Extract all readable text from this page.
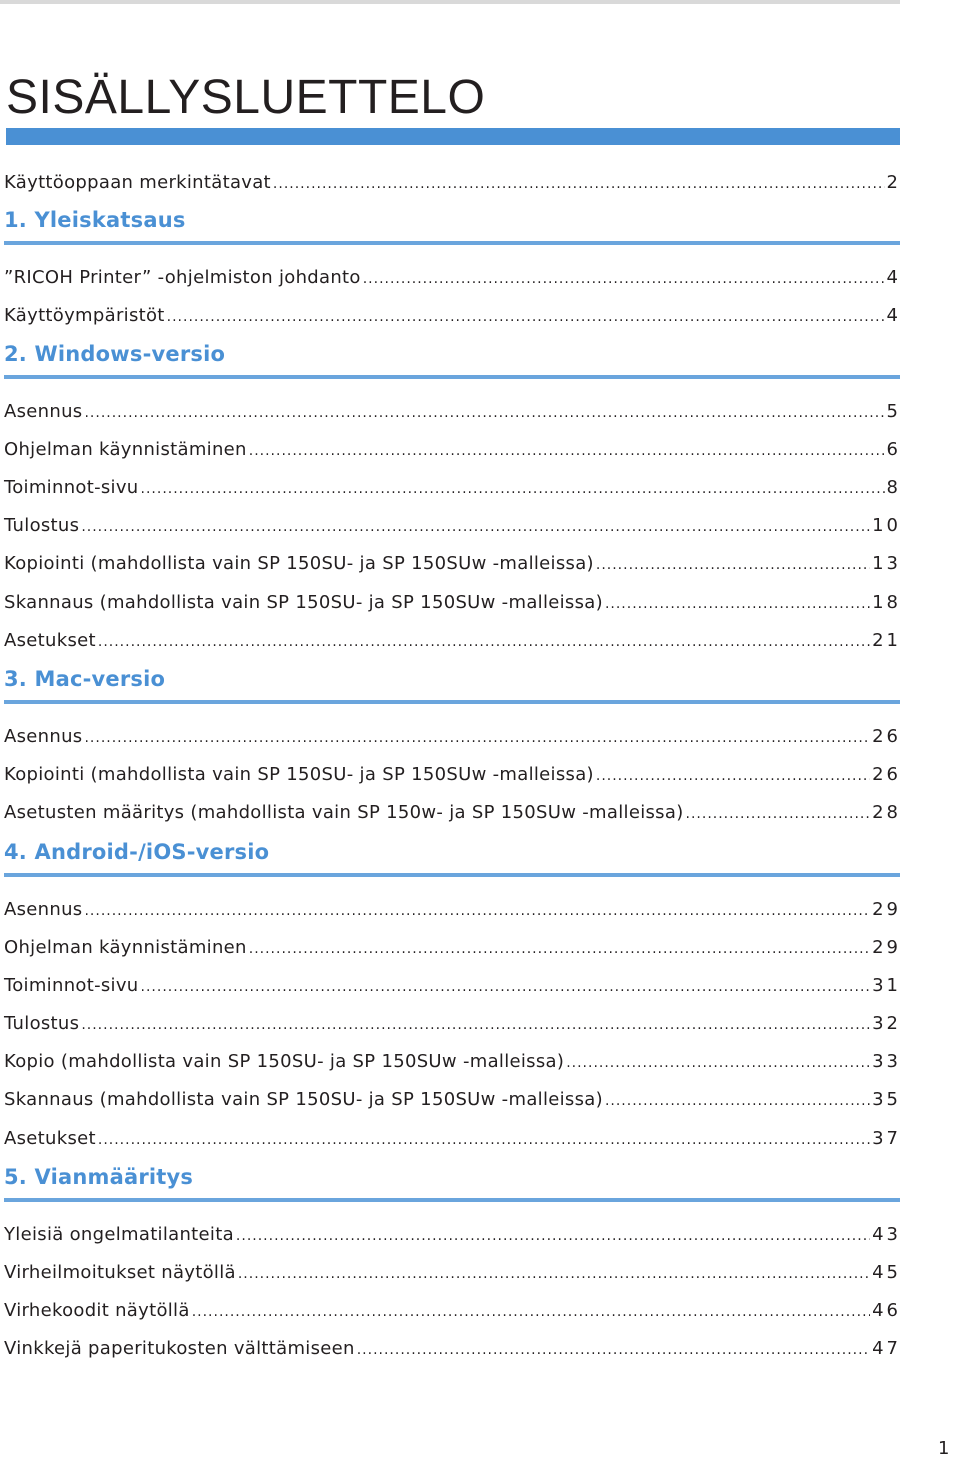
SISÄLLYSLUETTELO
Käyttöoppaan merkintätavat .....	2
1. Yleiskatsaus
”RICOH Printer” -ohjelmiston johdanto .....	4
Käyttöympäristöt .....	4
2. Windows-versio
Asennus .....	5
Ohjelman käynnistäminen .....	6
Toiminnot-sivu .....	8
Tulostus .....	10
Kopiointi (mahdollista vain SP 150SU- ja SP 150SUw -malleissa) .....	13
Skannaus (mahdollista vain SP 150SU- ja SP 150SUw -malleissa) .....	18
Asetukset .....	21
3. Mac-versio
Asennus .....	26
Kopiointi (mahdollista vain SP 150SU- ja SP 150SUw -malleissa) .....	26
Asetusten määritys (mahdollista vain SP 150w- ja SP 150SUw -malleissa) .....	28
4. Android-/iOS-versio
Asennus .....	29
Ohjelman käynnistäminen .....	29
Toiminnot-sivu .....	31
Tulostus .....	32
Kopio (mahdollista vain SP 150SU- ja SP 150SUw -malleissa) .....	33
Skannaus (mahdollista vain SP 150SU- ja SP 150SUw -malleissa) .....	35
Asetukset .....	37
5. Vianmääritys
Yleisiä ongelmatilanteita .....	43
Virheilmoitukset näytöllä .....	45
Virhekoodit näytöllä .....	46
Vinkkejä paperitukosten välttämiseen .....	47
1
